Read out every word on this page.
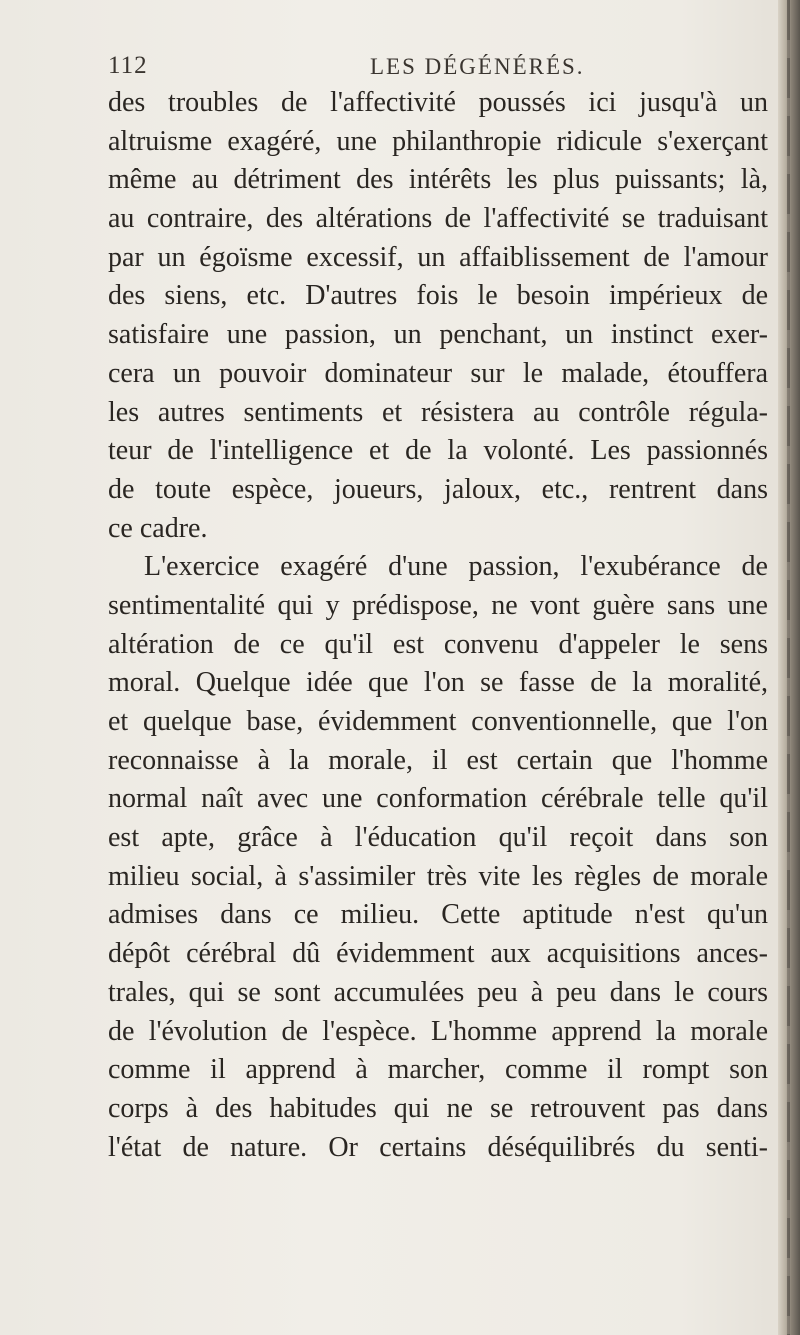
112	LES DÉGÉNÉRÉS.
des troubles de l'affectivité poussés ici jusqu'à un
altruisme exagéré, une philanthropie ridicule s'exerçant
même au détriment des intérêts les plus puissants; là,
au contraire, des altérations de l'affectivité se traduisant
par un égoïsme excessif, un affaiblissement de l'amour
des siens, etc. D'autres fois le besoin impérieux de
satisfaire une passion, un penchant, un instinct exer-
cera un pouvoir dominateur sur le malade, étouffera
les autres sentiments et résistera au contrôle régula-
teur de l'intelligence et de la volonté. Les passionnés
de toute espèce, joueurs, jaloux, etc., rentrent dans
ce cadre.
L'exercice exagéré d'une passion, l'exubérance de
sentimentalité qui y prédispose, ne vont guère sans une
altération de ce qu'il est convenu d'appeler le sens
moral. Quelque idée que l'on se fasse de la moralité,
et quelque base, évidemment conventionnelle, que l'on
reconnaisse à la morale, il est certain que l'homme
normal naît avec une conformation cérébrale telle qu'il
est apte, grâce à l'éducation qu'il reçoit dans son
milieu social, à s'assimiler très vite les règles de morale
admises dans ce milieu. Cette aptitude n'est qu'un
dépôt cérébral dû évidemment aux acquisitions ances-
trales, qui se sont accumulées peu à peu dans le cours
de l'évolution de l'espèce. L'homme apprend la morale
comme il apprend à marcher, comme il rompt son
corps à des habitudes qui ne se retrouvent pas dans
l'état de nature. Or certains déséquilibrés du senti-
